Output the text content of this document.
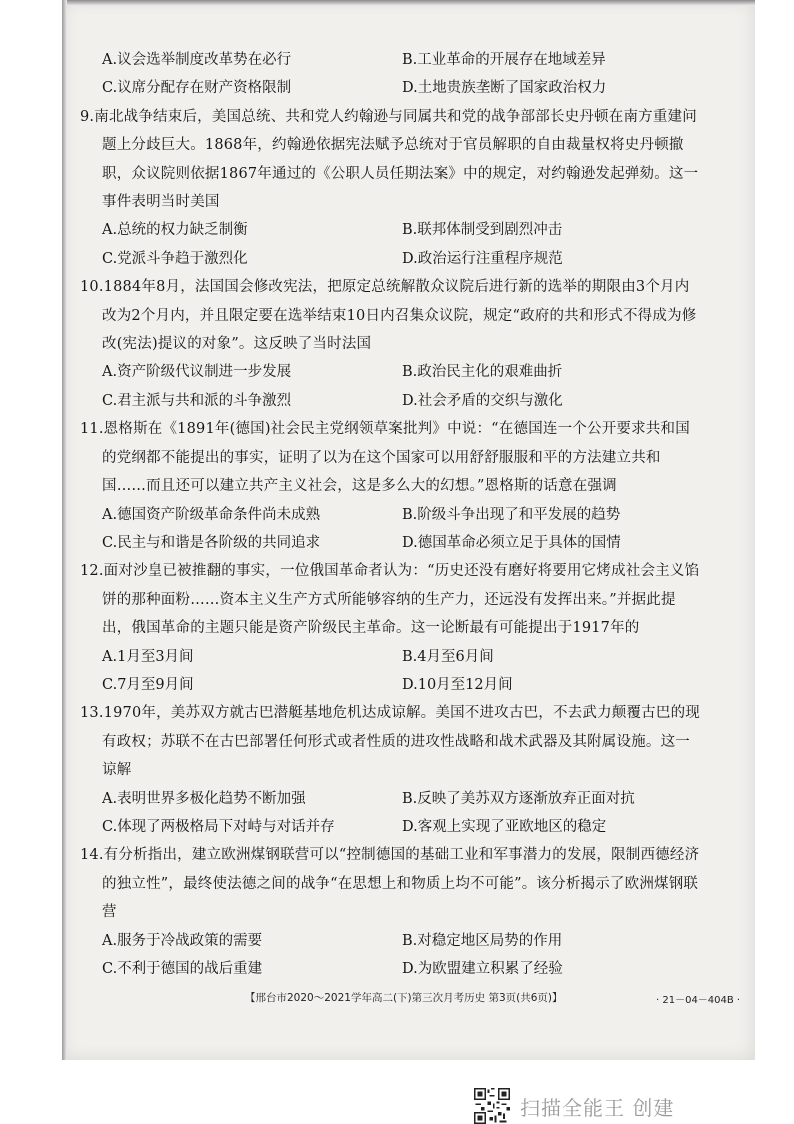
A.议会选举制度改革势在必行	B.工业革命的开展存在地域差异
C.议席分配存在财产资格限制	D.土地贵族垄断了国家政治权力

9.南北战争结束后，美国总统、共和党人约翰逊与同属共和党的战争部部长史丹顿在南方重建问题上分歧巨大。1868年，约翰逊依据宪法赋予总统对于官员解职的自由裁量权将史丹顿撤职，众议院则依据1867年通过的《公职人员任期法案》中的规定，对约翰逊发起弹劾。这一事件表明当时美国

A.总统的权力缺乏制衡	B.联邦体制受到剧烈冲击
C.党派斗争趋于激烈化	D.政治运行注重程序规范

10.1884年8月，法国国会修改宪法，把原定总统解散众议院后进行新的选举的期限由3个月内改为2个月内，并且限定要在选举结束10日内召集众议院，规定“政府的共和形式不得成为修改(宪法)提议的对象”。这反映了当时法国

A.资产阶级代议制进一步发展	B.政治民主化的艰难曲折
C.君主派与共和派的斗争激烈	D.社会矛盾的交织与激化

11.恩格斯在《1891年(德国)社会民主党纲领草案批判》中说：“在德国连一个公开要求共和国的党纲都不能提出的事实，证明了以为在这个国家可以用舒舒服服和平的方法建立共和国……而且还可以建立共产主义社会，这是多么大的幻想。”恩格斯的话意在强调

A.德国资产阶级革命条件尚未成熟	B.阶级斗争出现了和平发展的趋势
C.民主与和谐是各阶级的共同追求	D.德国革命必须立足于具体的国情

12.面对沙皇已被推翻的事实，一位俄国革命者认为：“历史还没有磨好将要用它烤成社会主义馅饼的那种面粉……资本主义生产方式所能够容纳的生产力，还远没有发挥出来。”并据此提出，俄国革命的主题只能是资产阶级民主革命。这一论断最有可能提出于1917年的

A.1月至3月间	B.4月至6月间
C.7月至9月间	D.10月至12月间

13.1970年，美苏双方就古巴潜艇基地危机达成谅解。美国不进攻古巴，不去武力颠覆古巴的现有政权；苏联不在古巴部署任何形式或者性质的进攻性战略和战术武器及其附属设施。这一谅解

A.表明世界多极化趋势不断加强	B.反映了美苏双方逐渐放弃正面对抗
C.体现了两极格局下对峙与对话并存	D.客观上实现了亚欧地区的稳定

14.有分析指出，建立欧洲煤钢联营可以“控制德国的基础工业和军事潜力的发展，限制西德经济的独立性”，最终使法德之间的战争“在思想上和物质上均不可能”。该分析揭示了欧洲煤钢联营

A.服务于冷战政策的需要	B.对稳定地区局势的作用
C.不利于德国的战后重建	D.为欧盟建立积累了经验
【邢台市2020～2021学年高二(下)第三次月考历史 第3页(共6页)】	· 21－04－404B ·
扫描全能王 创建
